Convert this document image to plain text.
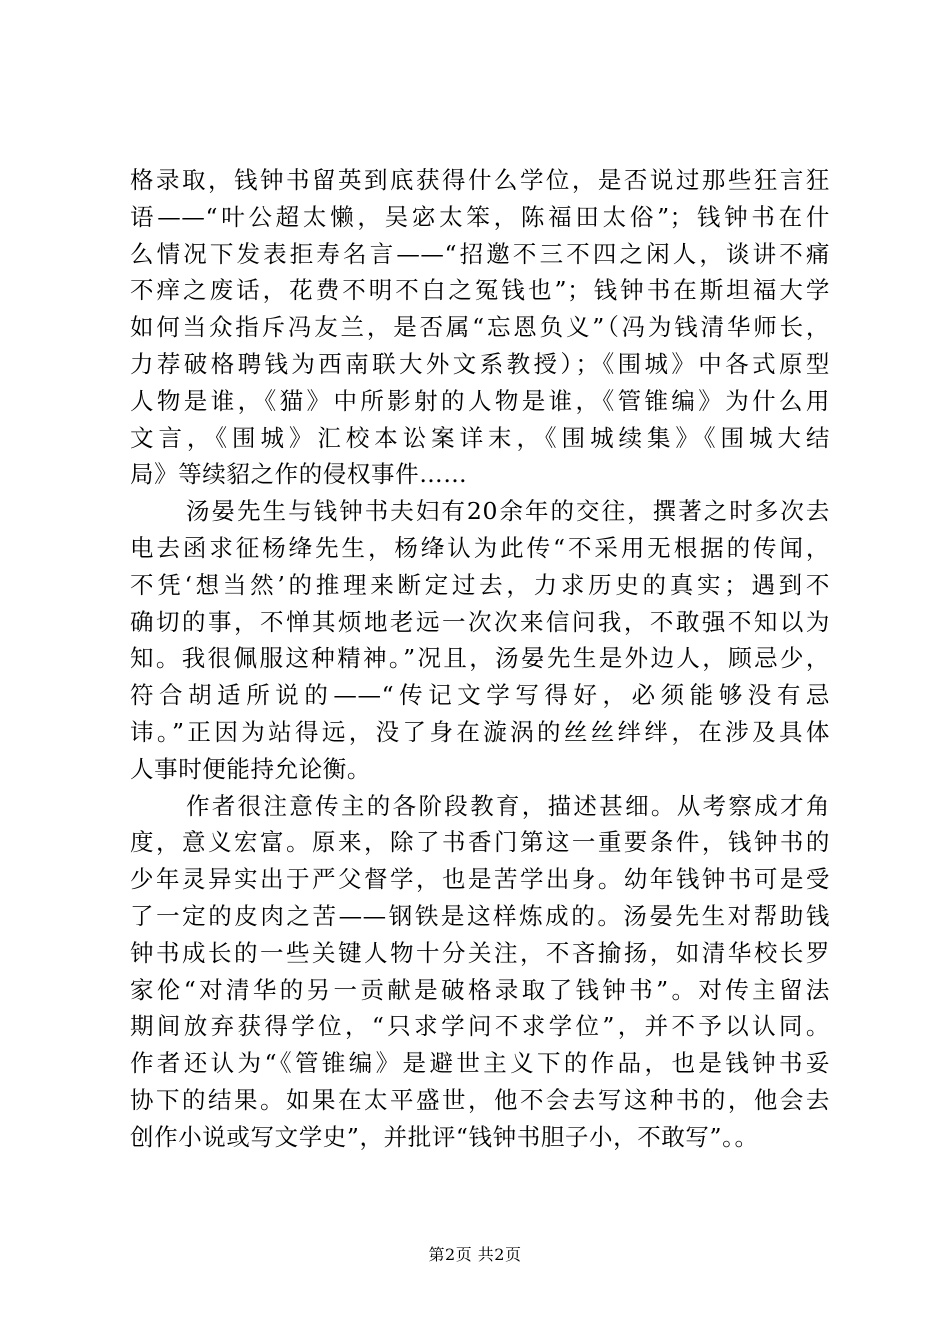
格录取，钱钟书留英到底获得什么学位，是否说过那些狂言狂
语——“叶公超太懒，吴宓太笨，陈福田太俗”；钱钟书在什
么情况下发表拒寿名言——“招邀不三不四之闲人，谈讲不痛
不痒之废话，花费不明不白之冤钱也”；钱钟书在斯坦福大学
如何当众指斥冯友兰，是否属“忘恩负义”（冯为钱清华师长，
力荐破格聘钱为西南联大外文系教授）；《围城》中各式原型
人物是谁，《猫》中所影射的人物是谁，《管锥编》为什么用
文言，《围城》汇校本讼案详末，《围城续集》《围城大结
局》等续貂之作的侵权事件……
汤晏先生与钱钟书夫妇有20余年的交往，撰著之时多次去
电去函求征杨绛先生，杨绛认为此传“不采用无根据的传闻，
不凭‘想当然’的推理来断定过去，力求历史的真实；遇到不
确切的事，不惮其烦地老远一次次来信问我，不敢强不知以为
知。我很佩服这种精神。”况且，汤晏先生是外边人，顾忌少，
符合胡适所说的——“传记文学写得好，必须能够没有忌
讳。”正因为站得远，没了身在漩涡的丝丝绊绊，在涉及具体
人事时便能持允论衡。
作者很注意传主的各阶段教育，描述甚细。从考察成才角
度，意义宏富。原来，除了书香门第这一重要条件，钱钟书的
少年灵异实出于严父督学，也是苦学出身。幼年钱钟书可是受
了一定的皮肉之苦——钢铁是这样炼成的。汤晏先生对帮助钱
钟书成长的一些关键人物十分关注，不吝揄扬，如清华校长罗
家伦“对清华的另一贡献是破格录取了钱钟书”。对传主留法
期间放弃获得学位，“只求学问不求学位”，并不予以认同。
作者还认为“《管锥编》是避世主义下的作品，也是钱钟书妥
协下的结果。如果在太平盛世，他不会去写这种书的，他会去
创作小说或写文学史”，并批评“钱钟书胆子小，不敢写”。。
第2页 共2页
